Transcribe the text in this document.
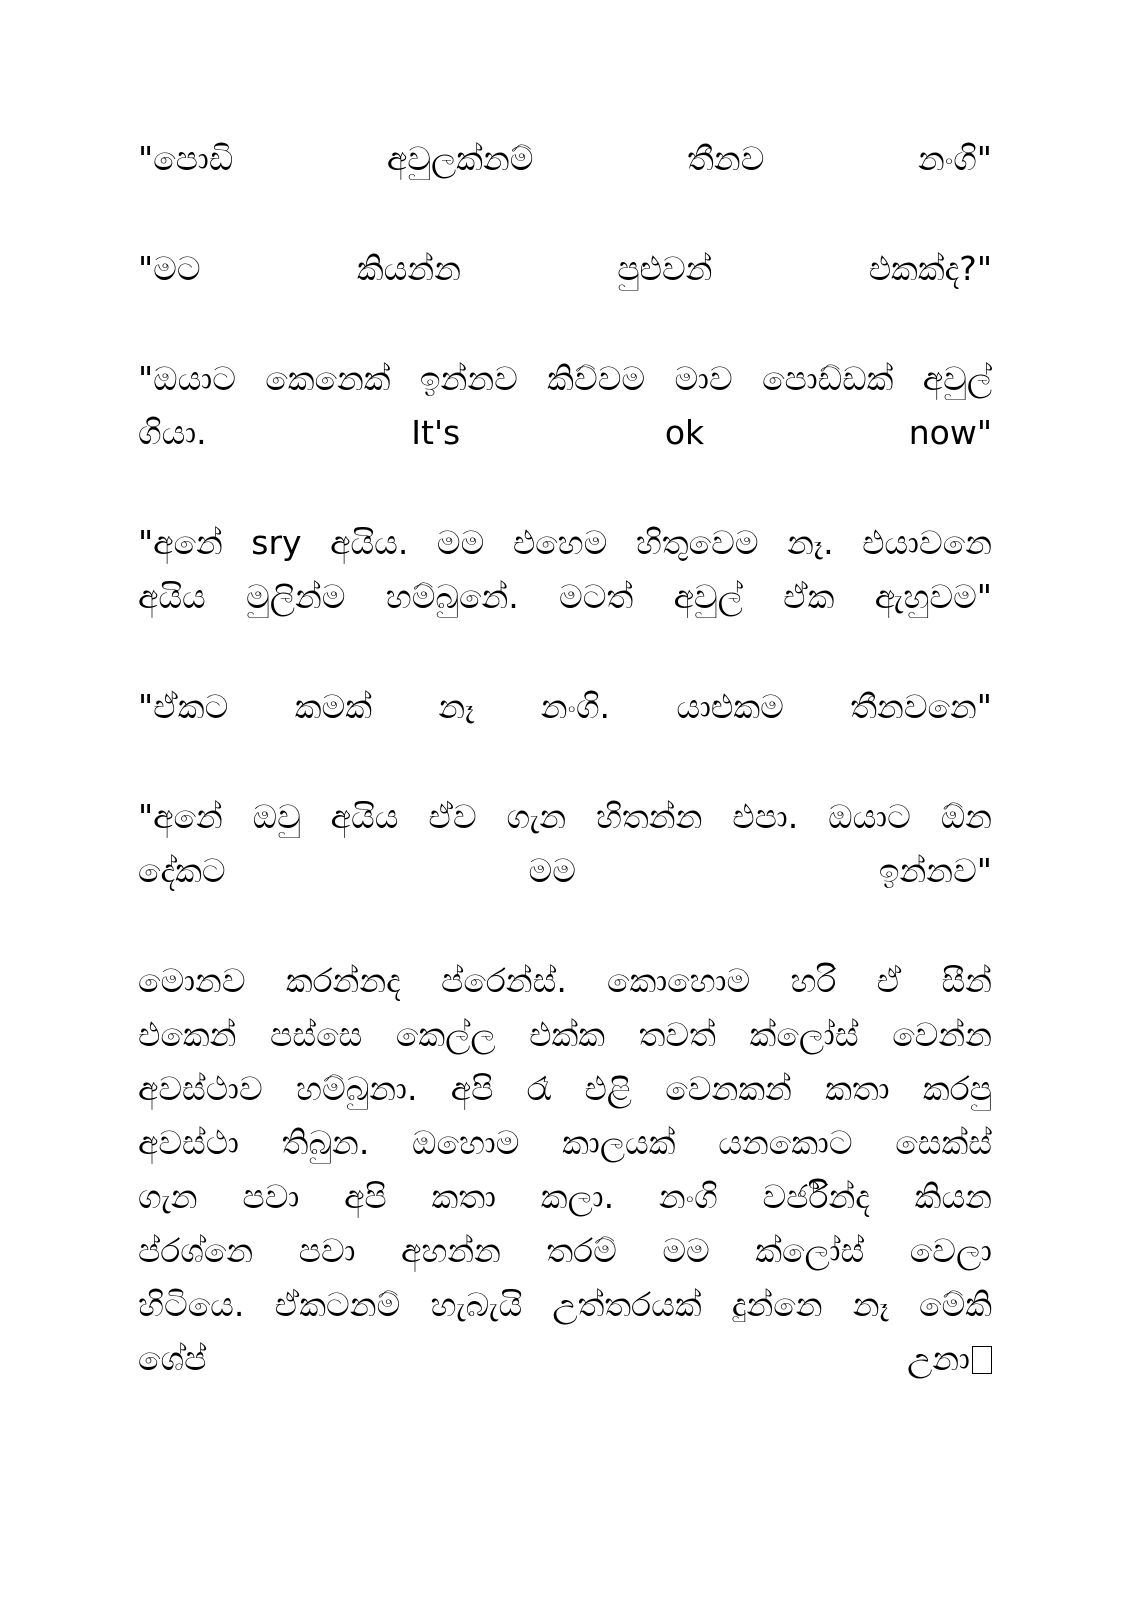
"පොඩි අවුලක්නම් තීනව නංගි"

"මට කියන්න පුළුවන් එකක්ද?"

"ඔයාට කෙනෙක් ඉන්නව කිව්වම මාව පොඩ්ඩක් අවුල්
ගියා. It's ok now"

"අනේ sry අයිය. මම එහෙම හිතුවෙම නෑ. එයාවනෙ
අයිය මුලින්ම හම්බුනේ. මටත් අවුල් ඒක ඇහුවම"

"ඒකට කමක් නෑ නංගි. යාළුකම තීනවනෙ"

"අනේ ඔවු අයිය ඒව ගැන හිතන්න එපා. ඔයාට ඕන
දේකට මම ඉන්නව"

මොනව කරන්නද ප්රෙන්ස්. කොහොම හරි ඒ සීන්
එකෙන් පස්සෙ කෙල්ල එක්ක තවත් ක්ලෝස් වෙන්න
අවස්ථාව හම්බුනා. අපි රෑ එළි වෙනකන් කතා කරපු
අවස්ථා තිබුන. ඔහොම කාලයක් යනකොට සෙක්ස්
ගැන පවා අපි කතා කලා. නංගි වර්ජින්ද කියන
ප්රශ්නෙ පවා අහන්න තරම් මම ක්ලෝස් වෙලා
හිටියෙ. ඒකටනම් හැබැයි උත්තරයක් දුන්නෙ නෑ මේකි
ශේප් උනා
